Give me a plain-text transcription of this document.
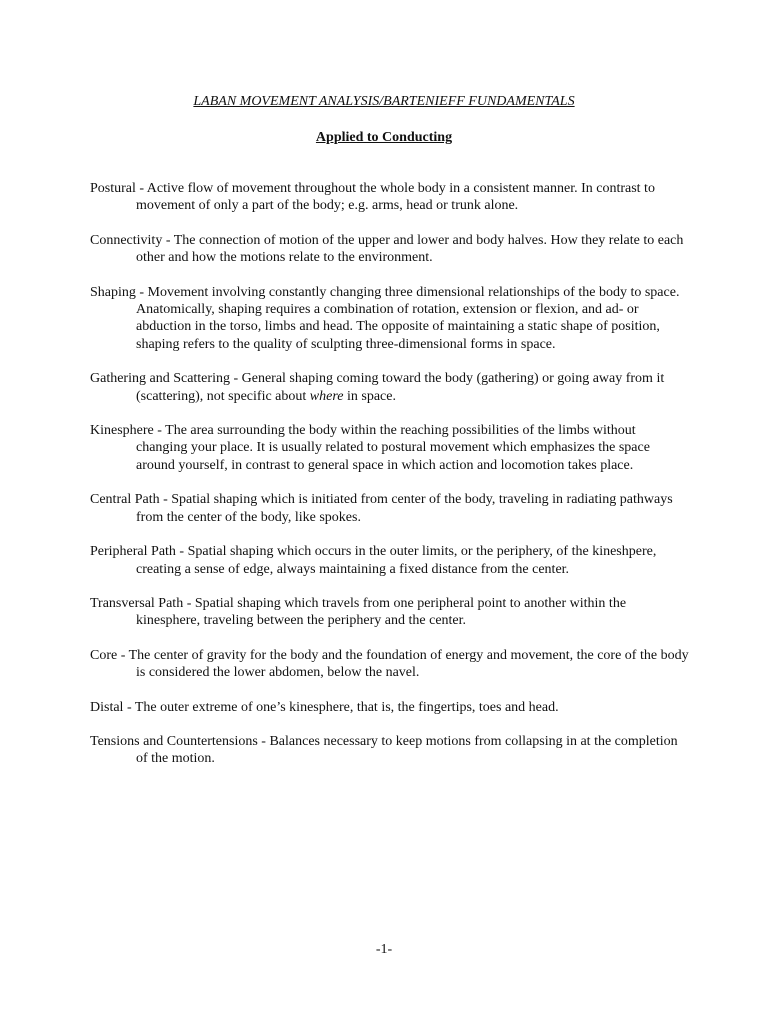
LABAN MOVEMENT ANALYSIS/BARTENIEFF FUNDAMENTALS
Applied to Conducting

Postural - Active flow of movement throughout the whole body in a consistent manner. In contrast to movement of only a part of the body; e.g. arms, head or trunk alone.

Connectivity - The connection of motion of the upper and lower and body halves. How they relate to each other and how the motions relate to the environment.

Shaping - Movement involving constantly changing three dimensional relationships of the body to space. Anatomically, shaping requires a combination of rotation, extension or flexion, and ad- or abduction in the torso, limbs and head. The opposite of maintaining a static shape of position, shaping refers to the quality of sculpting three-dimensional forms in space.

Gathering and Scattering - General shaping coming toward the body (gathering) or going away from it (scattering), not specific about where in space.

Kinesphere - The area surrounding the body within the reaching possibilities of the limbs without changing your place. It is usually related to postural movement which emphasizes the space around yourself, in contrast to general space in which action and locomotion takes place.

Central Path - Spatial shaping which is initiated from center of the body, traveling in radiating pathways from the center of the body, like spokes.

Peripheral Path - Spatial shaping which occurs in the outer limits, or the periphery, of the kineshpere, creating a sense of edge, always maintaining a fixed distance from the center.

Transversal Path - Spatial shaping which travels from one peripheral point to another within the kinesphere, traveling between the periphery and the center.

Core - The center of gravity for the body and the foundation of energy and movement, the core of the body is considered the lower abdomen, below the navel.

Distal - The outer extreme of one’s kinesphere, that is, the fingertips, toes and head.

Tensions and Countertensions - Balances necessary to keep motions from collapsing in at the completion of the motion.

-1-
